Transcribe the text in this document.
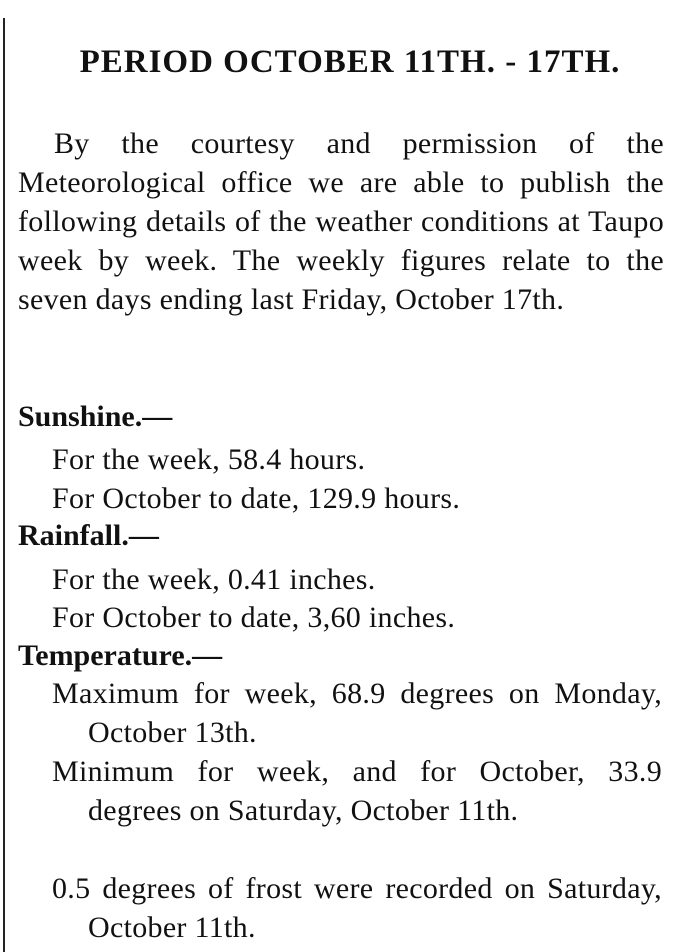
PERIOD OCTOBER 11TH. - 17TH.
By the courtesy and permission of the Meteorological office we are able to publish the following details of the weather conditions at Taupo week by week. The weekly figures relate to the seven days ending last Friday, October 17th.
Sunshine.—
For the week, 58.4 hours.
For October to date, 129.9 hours.
Rainfall.—
For the week, 0.41 inches.
For October to date, 3,60 inches.
Temperature.—
Maximum for week, 68.9 degrees on Monday, October 13th.
Minimum for week, and for October, 33.9 degrees on Saturday, October 11th.
0.5 degrees of frost were recorded on Saturday, October 11th.
